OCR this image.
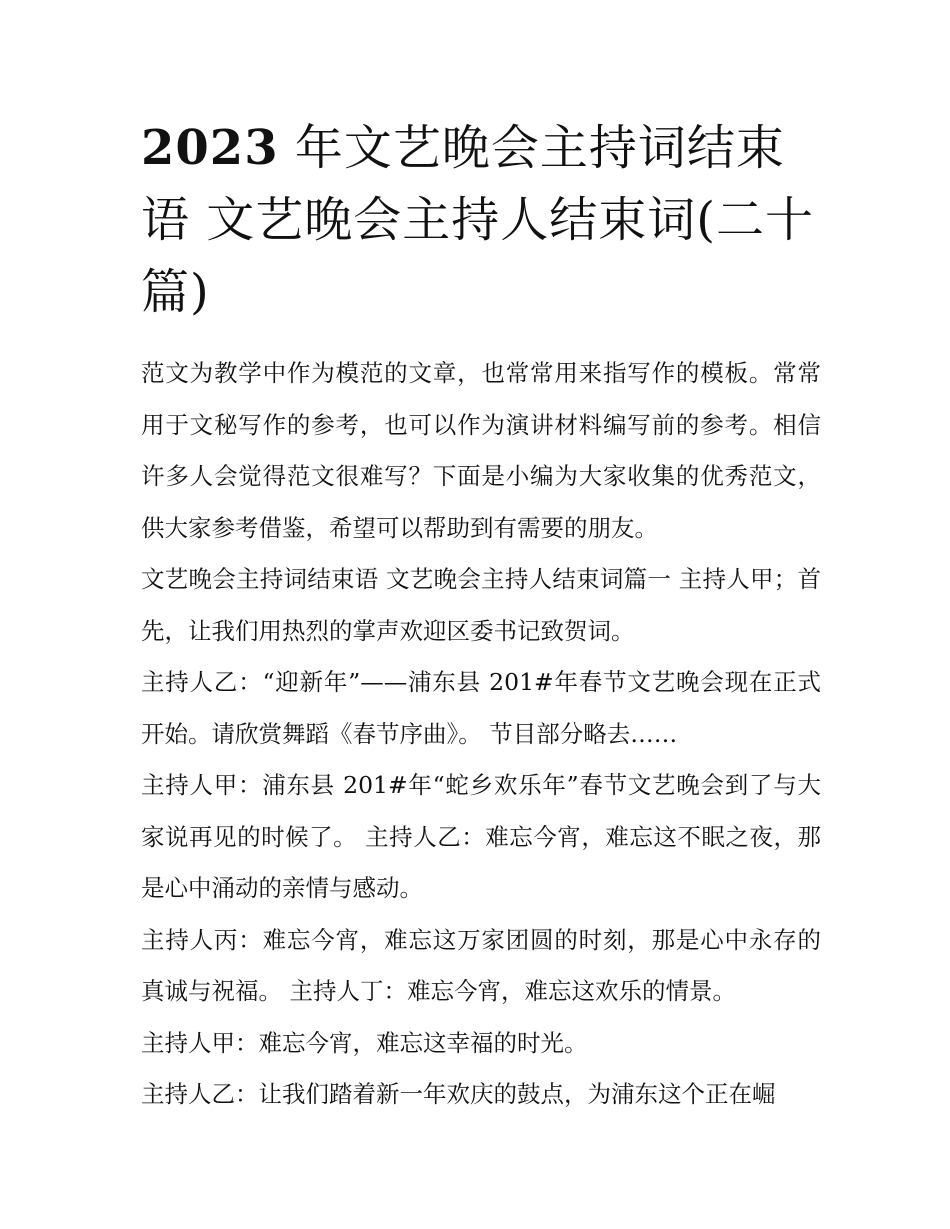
2023 年文艺晚会主持词结束语 文艺晚会主持人结束词(二十篇)

范文为教学中作为模范的文章，也常常用来指写作的模板。常常用于文秘写作的参考，也可以作为演讲材料编写前的参考。相信许多人会觉得范文很难写？下面是小编为大家收集的优秀范文，供大家参考借鉴，希望可以帮助到有需要的朋友。

文艺晚会主持词结束语 文艺晚会主持人结束词篇一 主持人甲；首先，让我们用热烈的掌声欢迎区委书记致贺词。

主持人乙：“迎新年”——浦东县 201#年春节文艺晚会现在正式开始。请欣赏舞蹈《春节序曲》。 节目部分略去……

主持人甲：浦东县 201#年“蛇乡欢乐年”春节文艺晚会到了与大家说再见的时候了。 主持人乙：难忘今宵，难忘这不眠之夜，那是心中涌动的亲情与感动。

主持人丙：难忘今宵，难忘这万家团圆的时刻，那是心中永存的真诚与祝福。 主持人丁：难忘今宵，难忘这欢乐的情景。

主持人甲：难忘今宵，难忘这幸福的时光。

主持人乙：让我们踏着新一年欢庆的鼓点，为浦东这个正在崛
